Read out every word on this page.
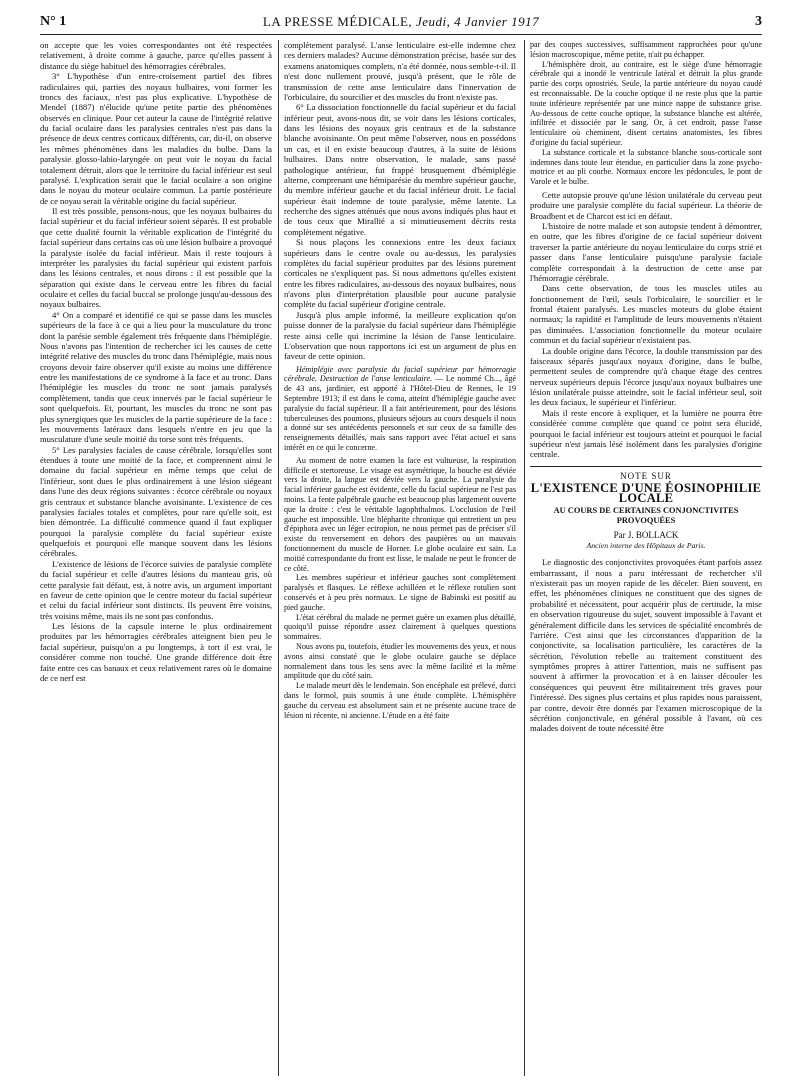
N° 1	LA PRESSE MÉDICALE, Jeudi, 4 Janvier 1917	3

on accepte que les voies correspondantes ont été respectées relativement, à droite comme à gauche, parce qu'elles passent à distance du siège habituel des hémorragies cérébrales.

3° L'hypothèse d'un entre-croisement partiel des fibres radiculaires qui, parties des noyaux bulbaires, vont former les troncs des faciaux, n'est pas plus explicative. L'hypothèse de Mendel (1887) n'élucide qu'une petite partie des phénomènes observés en clinique. Pour cet auteur la cause de l'intégrité relative du facial oculaire dans les paralysies centrales n'est pas dans la présence de deux centres corticaux différents, car, dit-il, on observe les mêmes phénomènes dans les maladies du bulbe. Dans la paralysie glosso-labio-laryngée on peut voir le noyau du facial totalement détruit, alors que le territoire du facial inférieur est seul paralysé. L'explication serait que le facial oculaire a son origine dans le noyau du moteur oculaire commun. La partie postérieure de ce noyau serait la véritable origine du facial supérieur.

Il est très possible, pensons-nous, que les noyaux bulbaires du facial supérieur et du facial inférieur soient séparés. Il est probable que cette dualité fournit la véritable explication de l'intégrité du facial supérieur dans certains cas où une lésion bulbaire a provoqué la paralysie isolée du facial inférieur. Mais il reste toujours à interpréter les paralysies du facial supérieur qui existent parfois dans les lésions centrales, et nous dirons : il est possible que la séparation qui existe dans le cerveau entre les fibres du facial oculaire et celles du facial buccal se prolonge jusqu'au-dessous des noyaux bulbaires.

4° On a comparé et identifié ce qui se passe dans les muscles supérieurs de la face à ce qui a lieu pour la musculature du tronc dont la parésie semble également très fréquente dans l'hémiplégie. Nous n'avons pas l'intention de rechercher ici les causes de cette intégrité relative des muscles du tronc dans l'hémiplégie, mais nous croyons devoir faire observer qu'il existe au moins une différence entre les manifestations de ce syndrome à la face et au tronc. Dans l'hémiplégie les muscles du tronc ne sont jamais paralysés complètement, tandis que ceux innervés par le facial supérieur le sont quelquefois. Et, pourtant, les muscles du tronc ne sont pas plus synergiques que les muscles de la partie supérieure de la face : les mouvements latéraux dans lesquels n'entre en jeu que la musculature d'une seule moitié du torse sont très fréquents.

5° Les paralysies faciales de cause cérébrale, lorsqu'elles sont étendues à toute une moitié de la face, et comprennent ainsi le domaine du facial supérieur en même temps que celui de l'inférieur, sont dues le plus ordinairement à une lésion siégeant dans l'une des deux régions suivantes : écorce cérébrale ou noyaux gris centraux et substance blanche avoisinante. L'existence de ces paralysies faciales totales et complètes, pour rare qu'elle soit, est bien démontrée. La difficulté commence quand il faut expliquer pourquoi la paralysie complète du facial supérieur existe quelquefois et pourquoi elle manque souvent dans les lésions cérébrales.

L'existence de lésions de l'écorce suivies de paralysie complète du facial supérieur et celle d'autres lésions du manteau gris, où cette paralysie fait défaut, est, à notre avis, un argument important en faveur de cette opinion que le centre moteur du facial supérieur et celui du facial inférieur sont distincts. Ils peuvent être voisins, très voisins même, mais ils ne sont pas confondus.

Les lésions de la capsule interne le plus ordinairement produites par les hémorragies cérébrales atteignent bien peu le facial supérieur, puisqu'on a pu longtemps, à tort il est vrai, le considérer comme non touché. Une grande différence doit être faite entre ces cas banaux et ceux relativement rares où le domaine de ce nerf est

complètement paralysé. L'anse lenticulaire est-elle indemne chez ces derniers malades? Aucune démonstration précise, basée sur des examens anatomiques complets, n'a été donnée, nous semble-t-il. Il n'est donc nullement prouvé, jusqu'à présent, que le rôle de transmission de cette anse lenticulaire dans l'innervation de l'orbiculaire, du sourcilier et des muscles du front n'existe pas.

6° La dissociation fonctionnelle du facial supérieur et du facial inférieur peut, avons-nous dit, se voir dans les lésions corticales, dans les lésions des noyaux gris centraux et de la substance blanche avoisinante. On peut même l'observer, nous en possédons un cas, et il en existe beaucoup d'autres, à la suite de lésions bulbaires. Dans notre observation, le malade, sans passé pathologique antérieur, fut frappé brusquement d'hémiplégie alterne, comprenant une hémiparésie du membre supérieur gauche, du membre inférieur gauche et du facial inférieur droit. Le facial supérieur était indemne de toute paralysie, même latente. La recherche des signes atténués que nous avons indiqués plus haut et de tous ceux que Mirallié a si minutieusement décrits resta complètement négative.

Si nous plaçons les connexions entre les deux faciaux supérieurs dans le centre ovale ou au-dessus, les paralysies complètes du facial supérieur produites par des lésions purement corticales ne s'expliquent pas. Si nous admettons qu'elles existent entre les fibres radiculaires, au-dessous des noyaux bulbaires, nous n'avons plus d'interprétation plausible pour aucune paralysie complète du facial supérieur d'origine centrale.

Jusqu'à plus ample informé, la meilleure explication qu'on puisse donner de la paralysie du facial supérieur dans l'hémiplégie reste ainsi celle qui incrimine la lésion de l'anse lenticulaire. L'observation que nous rapportons ici est un argument de plus en faveur de cette opinion.

Hémiplégie avec paralysie du facial supérieur par hémorragie cérébrale. Destruction de l'anse lenticulaire. — Le nommé Ch..., âgé de 43 ans, jardinier, est apporté à l'Hôtel-Dieu de Rennes, le 19 Septembre 1913; il est dans le coma, atteint d'hémiplégie gauche avec paralysie du facial supérieur. Il a fait antérieurement, pour des lésions tuberculeuses des poumons, plusieurs séjours au cours desquels il nous a donné sur ses antécédents personnels et sur ceux de sa famille des renseignements détaillés, mais sans rapport avec l'état actuel et sans intérêt en ce qui le concerne.

Au moment de notre examen la face est vultueuse, la respiration difficile et stertoreuse. Le visage est asymétrique, la bouche est déviée vers la droite, la langue est déviée vers la gauche. La paralysie du facial inférieur gauche est évidente, celle du facial supérieur ne l'est pas moins. La fente palpébrale gauche est beaucoup plus largement ouverte que la droite : c'est le véritable lagophthalmos. L'occlusion de l'œil gauche est impossible. Une blépharite chronique qui entretient un peu d'épiphora avec un léger ectropion, ne nous permet pas de préciser s'il existe du renversement en dehors des paupières ou un mauvais fonctionnement du muscle de Horner. Le globe oculaire est sain. La moitié correspondante du front est lisse, le malade ne peut le froncer de ce côté.

Les membres supérieur et inférieur gauches sont complètement paralysés et flasques. Le réflexe achilléen et le réflexe rotulien sont conservés et à peu près normaux. Le signe de Babinski est positif au pied gauche.

L'état cérébral du malade ne permet guère un examen plus détaillé, quoiqu'il puisse répondre assez clairement à quelques questions sommaires.

Nous avons pu, toutefois, étudier les mouvements des yeux, et nous avons ainsi constaté que le globe oculaire gauche se déplace normalement dans tous les sens avec la même facilité et la même amplitude que du côté sain.

Le malade meurt dès le lendemain. Son encéphale est prélevé, durci dans le formol, puis soumis à une étude complète. L'hémisphère gauche du cerveau est absolument sain et ne présente aucune trace de lésion ni récente, ni ancienne. L'étude en a été faite

par des coupes successives, suffisamment rapprochées pour qu'une lésion macroscopique, même petite, n'ait pu échapper.

L'hémisphère droit, au contraire, est le siège d'une hémorragie cérébrale qui a inondé le ventricule latéral et détruit la plus grande partie des corps optostriés. Seule, la partie antérieure du noyau caudé est reconnaissable. De la couche optique il ne reste plus que la partie toute inférieure représentée par une mince nappe de substance grise. Au-dessous de cette couche optique, la substance blanche est altérée, infiltrée et dissociée par le sang. Or, à cet endroit, passe l'anse lenticulaire où cheminent, disent certains anatomistes, les fibres d'origine du facial supérieur.

La substance corticale et la substance blanche sous-corticale sont indemnes dans toute leur étendue, en particulier dans la zone psycho-motrice et au pli courbe. Normaux encore les pédoncules, le pont de Varole et le bulbe.

Cette autopsie prouve qu'une lésion unilatérale du cerveau peut produire une paralysie complète du facial supérieur. La théorie de Broadbent et de Charcot est ici en défaut.

L'histoire de notre malade et son autopsie tendent à démontrer, en outre, que les fibres d'origine de ce facial supérieur doivent traverser la partie antérieure du noyau lenticulaire du corps strié et passer dans l'anse lenticulaire puisqu'une paralysie faciale complète correspondait à la destruction de cette anse par l'hémorragie cérébrale.

Dans cette observation, de tous les muscles utiles au fonctionnement de l'œil, seuls l'orbiculaire, le sourcilier et le frontal étaient paralysés. Les muscles moteurs du globe étaient normaux; la rapidité et l'amplitude de leurs mouvements n'étaient pas diminuées. L'association fonctionnelle du moteur oculaire commun et du facial supérieur n'existaient pas.

La double origine dans l'écorce, la double transmission par des faisceaux séparés jusqu'aux noyaux d'origine, dans le bulbe, permettent seules de comprendre qu'à chaque étage des centres nerveux supérieurs depuis l'écorce jusqu'aux noyaux bulbaires une lésion unilatérale puisse atteindre, soit le facial inférieur seul, soit les deux faciaux, le supérieur et l'inférieur.

Mais il reste encore à expliquer, et la lumière ne pourra être considérée comme complète que quand ce point sera élucidé, pourquoi le facial inférieur est toujours atteint et pourquoi le facial supérieur n'est jamais lésé isolément dans les paralysies d'origine centrale.

NOTE SUR
L'EXISTENCE D'UNE ÉOSINOPHILIE LOCALE
AU COURS DE CERTAINES CONJONCTIVITES PROVOQUÉES
Par J. BOLLACK
Ancien interne des Hôpitaux de Paris.

Le diagnostic des conjonctivites provoquées étant parfois assez embarrassant, il nous a paru intéressant de rechercher s'il n'existerait pas un moyen rapide de les déceler. Bien souvent, en effet, les phénomènes cliniques ne constituent que des signes de probabilité et nécessitent, pour acquérir plus de certitude, la mise en observation rigoureuse du sujet, souvent impossible à l'avant et généralement difficile dans les services de spécialité encombrés de l'arrière. C'est ainsi que les circonstances d'apparition de la conjonctivite, sa localisation particulière, les caractères de la sécrétion, l'évolution rebelle au traitement constituent des symptômes propres à attirer l'attention, mais ne suffisent pas souvent à affirmer la provocation et à en laisser découler les conséquences qui peuvent être militairement très graves pour l'intéressé. Des signes plus certains et plus rapides nous paraissent, par contre, devoir être donnés par l'examen microscopique de la sécrétion conjonctivale, en général possible à l'avant, où ces malades doivent de toute nécessité être
